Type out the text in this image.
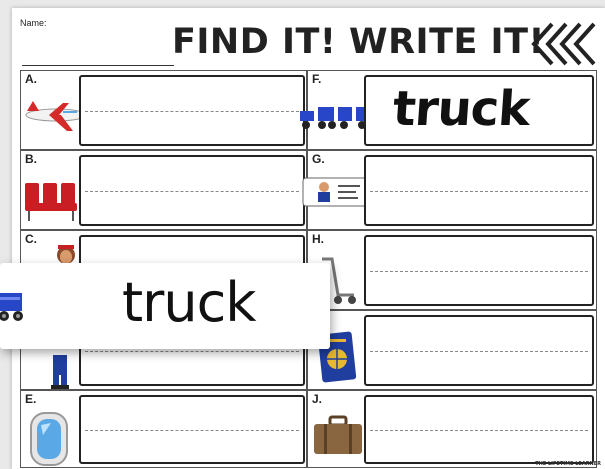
Name:	FIND IT! WRITE IT!
A.
B.
C.
E.
F.
truck
G.
H.
J.
THE LIFETIME LEARNER
truck
